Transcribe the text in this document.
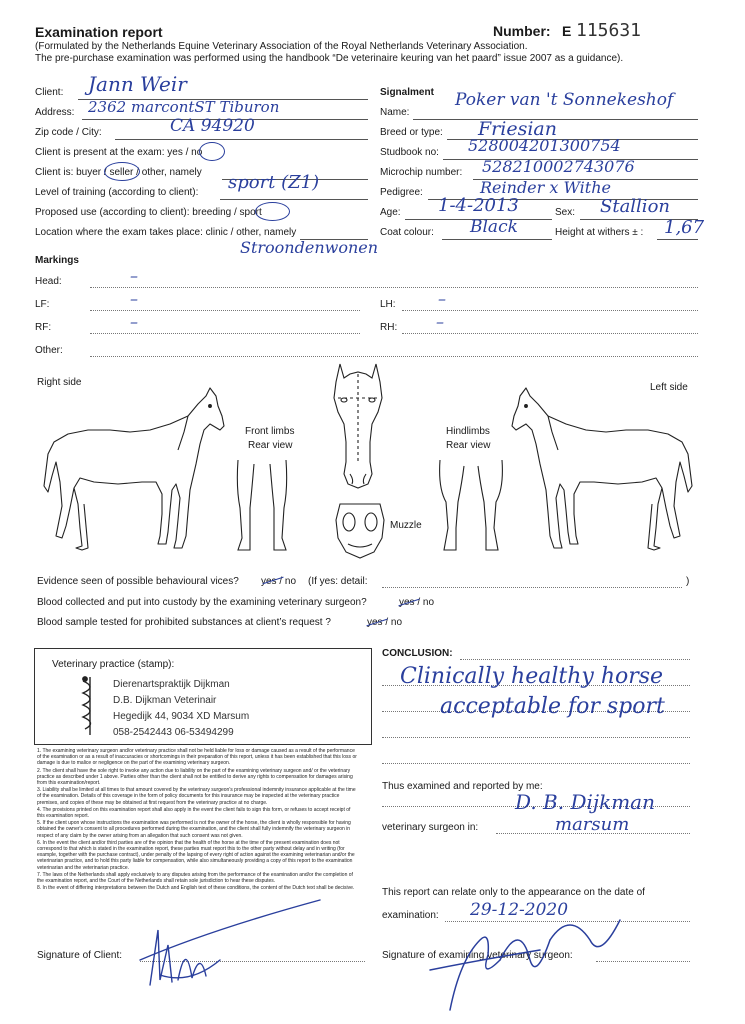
Examination report	Number: E 115631
(Formulated by the Netherlands Equine Veterinary Association of the Royal Netherlands Veterinary Association.
The pre-purchase examination was performed using the handbook “De veterinaire keuring van het paard” issue 2007 as a guidance).
Client: Jann Weir
Address: 2362 marcontST Tiburon
Zip code / City:	CA 94920
Client is present at the exam: yes / no
Client is: buyer / seller / other, namely
Level of training (according to client): sport (Z1)
Proposed use (according to client): breeding / sport
Location where the exam takes place: clinic / other, namely
Stroondenwonen
Signalment
Name:
Poker van 't Sonnekeshof
Breed or type: Friesian
Studbook no: 528004201300754
Microchip number: 528210002743076
Pedigree:	Reinder x Withe
Age: 1-4-2013	Sex: Stallion
Coat colour: Black	Height at withers ± : 1,67
Markings
Head:	–
LF:	–	LH:	–
RF:	–	RH: –
Other:
Right side	Left side
Front limbs
Rear view
Hindlimbs
Rear view
Muzzle
Evidence seen of possible behavioural vices? yes / no (If yes: detail:	)
Blood collected and put into custody by the examining veterinary surgeon?	yes / no
Blood sample tested for prohibited substances at client’s request ?	yes / no
Veterinary practice (stamp):
Dierenartspraktijk Dijkman
D.B. Dijkman Veterinair
Hegedijk 44, 9034 XD Marsum
058-2542443 06-53494299

1. The examining veterinary surgeon and/or veterinary practice shall not be held liable for loss or damage caused as a result of the performance of the examination or as a result of inaccuracies or shortcomings in their preparation of this report, unless it has been established that this loss or damage is due to malice or negligence on the part of the examining veterinary surgeon.

2. The client shall have the sole right to invoke any action due to liability on the part of the examining veterinary surgeon and/ or the veterinary practice as described under 1 above. Parties other than the client shall not be entitled to derive any rights to compensation for damages arising from this examination/report.

3. Liability shall be limited at all times to that amount covered by the veterinary surgeon's professional indemnity insurance applicable at the time of the examination. Details of this coverage in the form of policy documents for this insurance may be inspected at the veterinary practice premises, and copies of these may be obtained at first request from the veterinary practice at no charge.

4. The provisions printed on this examination report shall also apply in the event the client fails to sign this form, or refuses to accept receipt of this examination report.

5. If the client upon whose instructions the examination was performed is not the owner of the horse, the client is wholly responsible for having obtained the owner's consent to all procedures performed during the examination, and the client shall fully indemnify the veterinary surgeon in respect of any claim by the owner arising from an allegation that such consent was not given.

6. In the event the client and/or third parties are of the opinion that the health of the horse at the time of the present examination does not correspond to that which is stated in the examination report, these parties must report this to the other party without delay and in writing (for example, together with the purchase contract), under penalty of the lapsing of every right of action against the examining veterinarian and/or the veterinarian practice, and to hold this party liable for compensation, while also simultaneously providing a copy of this report to the examination veterinarian and the veterinarian practice.

7. The laws of the Netherlands shall apply exclusively to any disputes arising from the performance of the examination and/or the completion of the examination report, and the Court of the Netherlands shall retain sole jurisdiction to hear these disputes.

8. In the event of differing interpretations between the Dutch and English text of these conditions, the content of the Dutch text shall be decisive.

CONCLUSION:
Clinically healthy horse
acceptable for sport
Thus examined and reported by me:
D. B. Dijkman
veterinary surgeon in:	marsum
This report can relate only to the appearance on the date of
examination: 29-12-2020
Signature of Client:	Signature of examining veterinary surgeon:
